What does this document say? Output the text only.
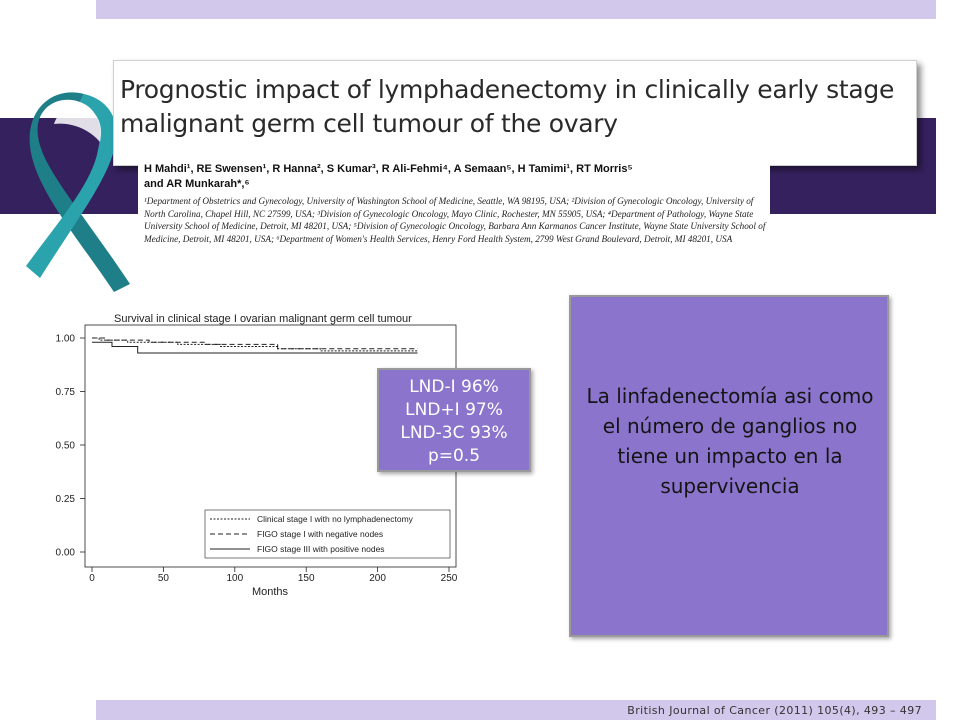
Prognostic impact of lymphadenectomy in clinically early stage
malignant germ cell tumour of the ovary
H Mahdi¹, RE Swensen¹, R Hanna², S Kumar³, R Ali-Fehmi⁴, A Semaan⁵, H Tamimi¹, RT Morris⁵
and AR Munkarah*,⁶
¹Department of Obstetrics and Gynecology, University of Washington School of Medicine, Seattle, WA 98195, USA; ²Division of Gynecologic Oncology, University of North Carolina, Chapel Hill, NC 27599, USA; ³Division of Gynecologic Oncology, Mayo Clinic, Rochester, MN 55905, USA; ⁴Department of Pathology, Wayne State University School of Medicine, Detroit, MI 48201, USA; ⁵Division of Gynecologic Oncology, Barbara Ann Karmanos Cancer Institute, Wayne State University School of Medicine, Detroit, MI 48201, USA; ⁶Department of Women's Health Services, Henry Ford Health System, 2799 West Grand Boulevard, Detroit, MI 48201, USA
Survival in clinical stage I ovarian malignant germ cell tumour
0.00
0.25
0.50
0.75
1.00
0	50	100	150	200	250
Months
Clinical stage I with no lymphadenectomy
FIGO stage I with negative nodes
FIGO stage III with positive nodes
LND-I 96%
LND+I 97%
LND-3C 93%
p=0.5
La linfadenectomía asi como el número de ganglios no tiene un impacto en la supervivencia
British Journal of Cancer (2011) 105(4), 493 – 497
